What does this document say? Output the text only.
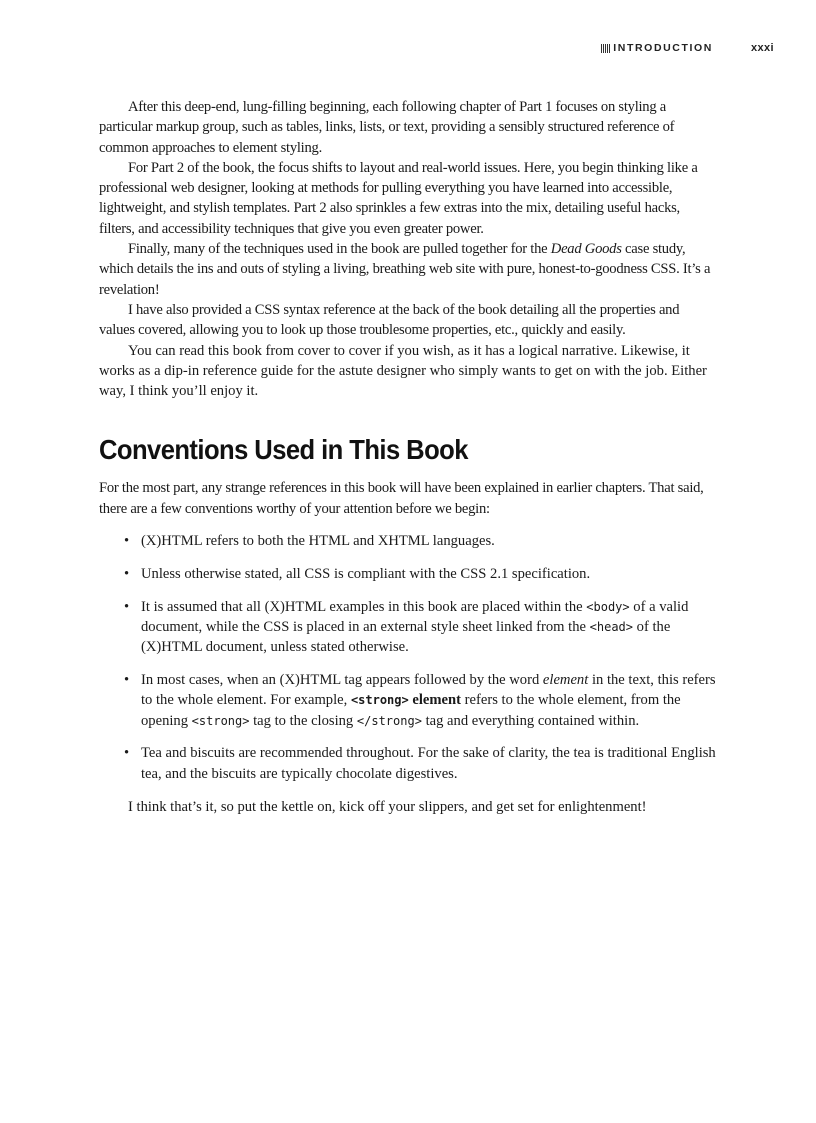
INTRODUCTION	xxxi

After this deep-end, lung-filling beginning, each following chapter of Part 1 focuses on styling a particular markup group, such as tables, links, lists, or text, providing a sensibly structured reference of common approaches to element styling.

For Part 2 of the book, the focus shifts to layout and real-world issues. Here, you begin thinking like a professional web designer, looking at methods for pulling everything you have learned into accessible, lightweight, and stylish templates. Part 2 also sprinkles a few extras into the mix, detailing useful hacks, filters, and accessibility techniques that give you even greater power.

Finally, many of the techniques used in the book are pulled together for the Dead Goods case study, which details the ins and outs of styling a living, breathing web site with pure, honest-to-goodness CSS. It’s a revelation!

I have also provided a CSS syntax reference at the back of the book detailing all the properties and values covered, allowing you to look up those troublesome properties, etc., quickly and easily.

You can read this book from cover to cover if you wish, as it has a logical narrative. Likewise, it works as a dip-in reference guide for the astute designer who simply wants to get on with the job. Either way, I think you’ll enjoy it.

Conventions Used in This Book

For the most part, any strange references in this book will have been explained in earlier chapters. That said, there are a few conventions worthy of your attention before we begin:

• (X)HTML refers to both the HTML and XHTML languages.
• Unless otherwise stated, all CSS is compliant with the CSS 2.1 specification.
• It is assumed that all (X)HTML examples in this book are placed within the <body> of a valid document, while the CSS is placed in an external style sheet linked from the <head> of the (X)HTML document, unless stated otherwise.
• In most cases, when an (X)HTML tag appears followed by the word element in the text, this refers to the whole element. For example, <strong> element refers to the whole element, from the opening <strong> tag to the closing </strong> tag and everything contained within.
• Tea and biscuits are recommended throughout. For the sake of clarity, the tea is traditional English tea, and the biscuits are typically chocolate digestives.

I think that’s it, so put the kettle on, kick off your slippers, and get set for enlightenment!
